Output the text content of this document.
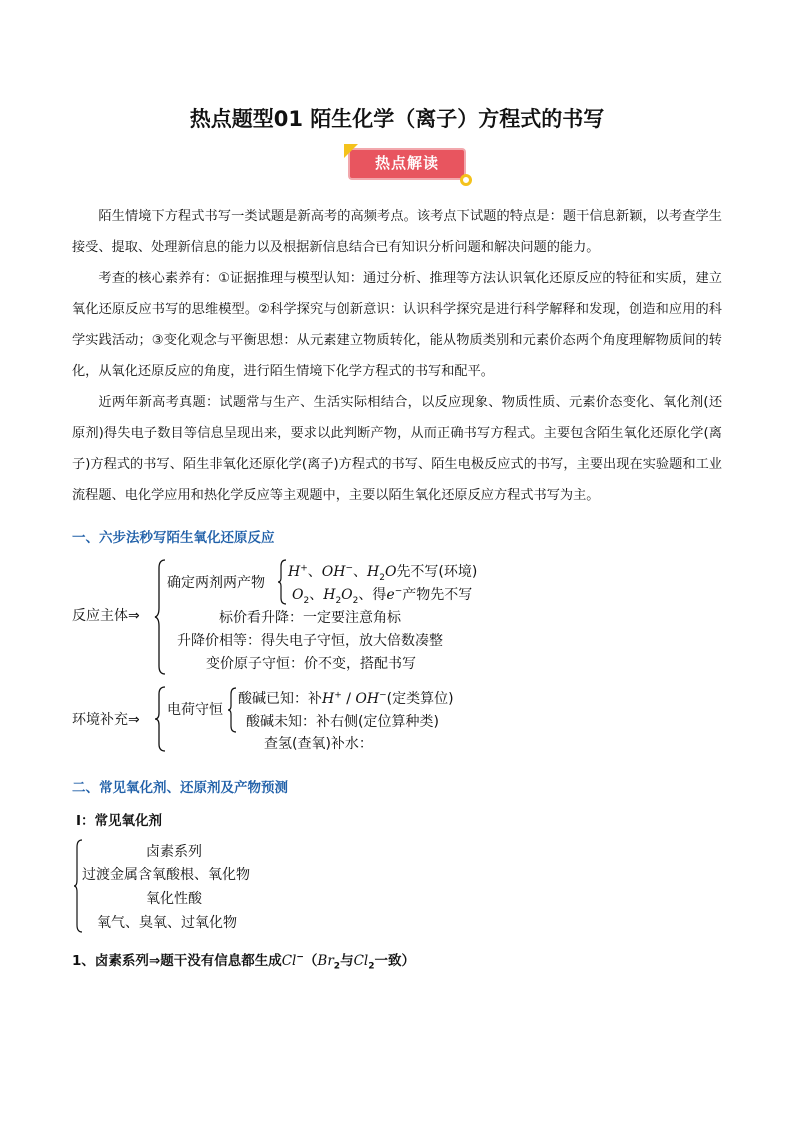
热点题型01 陌生化学（离子）方程式的书写
热点解读

陌生情境下方程式书写一类试题是新高考的高频考点。该考点下试题的特点是：题干信息新颖，以考查学生接受、提取、处理新信息的能力以及根据新信息结合已有知识分析问题和解决问题的能力。

考查的核心素养有：①证据推理与模型认知：通过分析、推理等方法认识氧化还原反应的特征和实质，建立氧化还原反应书写的思维模型。②科学探究与创新意识：认识科学探究是进行科学解释和发现，创造和应用的科学实践活动；③变化观念与平衡思想：从元素建立物质转化，能从物质类别和元素价态两个角度理解物质间的转化，从氧化还原反应的角度，进行陌生情境下化学方程式的书写和配平。

近两年新高考真题：试题常与生产、生活实际相结合，以反应现象、物质性质、元素价态变化、氧化剂(还原剂)得失电子数目等信息呈现出来，要求以此判断产物，从而正确书写方程式。主要包含陌生氧化还原化学(离子)方程式的书写、陌生非氧化还原化学(离子)方程式的书写、陌生电极反应式的书写，主要出现在实验题和工业流程题、电化学应用和热化学反应等主观题中，主要以陌生氧化还原反应方程式书写为主。

一、六步法秒写陌生氧化还原反应
反应主体⇒
确定两剂两产物
H+、OH−、$H_2O$先不写(环境)
$O_2$、$H_2O_2$、得e−产物先不写
标价看升降：一定要注意角标
升降价相等：得失电子守恒，放大倍数凑整
变价原子守恒：价不变，搭配书写
环境补充⇒
电荷守恒
酸碱已知：补H+ / OH−(定类算位)
酸碱未知：补右侧(定位算种类)
查氢(查氧)补水：
二、常见氧化剂、还原剂及产物预测
Ⅰ：常见氧化剂
卤素系列
过渡金属含氧酸根、氧化物
氧化性酸
氧气、臭氧、过氧化物
1、卤素系列⇒题干没有信息都生成$Cl^-(Br_2$与$Cl_2$一致）
